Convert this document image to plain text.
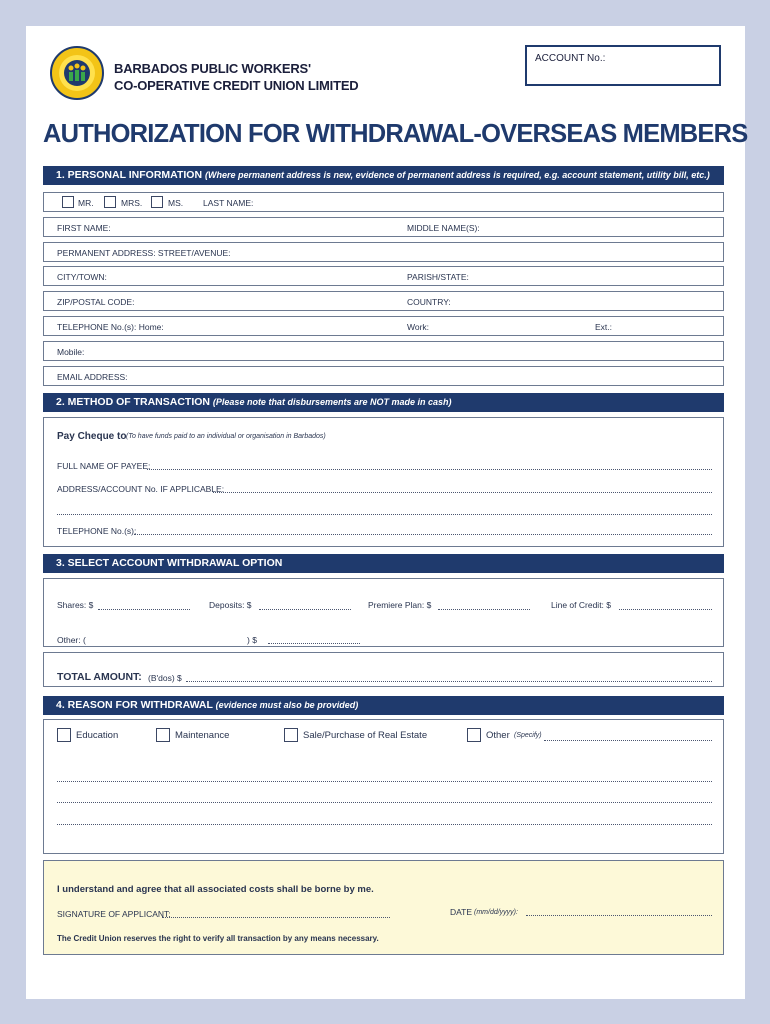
BARBADOS PUBLIC WORKERS'
CO-OPERATIVE CREDIT UNION LIMITED
ACCOUNT No.:
AUTHORIZATION FOR WITHDRAWAL-OVERSEAS MEMBERS
1. PERSONAL INFORMATION (Where permanent address is new, evidence of permanent address is required, e.g. account statement, utility bill, etc.)
MR.	MRS.	MS. LAST NAME:
FIRST NAME:	MIDDLE NAME(S):
PERMANENT ADDRESS: STREET/AVENUE:
CITY/TOWN:	PARISH/STATE:
ZIP/POSTAL CODE:	COUNTRY:
TELEPHONE No.(s): Home:	Work:	Ext.:
Mobile:
EMAIL ADDRESS:
2. METHOD OF TRANSACTION (Please note that disbursements are NOT made in cash)
Pay Cheque to (To have funds paid to an individual or organisation in Barbados)
FULL NAME OF PAYEE:
ADDRESS/ACCOUNT No. IF APPLICABLE:
TELEPHONE No.(s):
3. SELECT ACCOUNT WITHDRAWAL OPTION
Shares: $	Deposits: $	Premiere Plan: $	Line of Credit: $
Other: (	) $
TOTAL AMOUNT: (B'dos) $
4. REASON FOR WITHDRAWAL (evidence must also be provided)
Education	Maintenance	Sale/Purchase of Real Estate	Other (Specify)
I understand and agree that all associated costs shall be borne by me.
SIGNATURE OF APPLICANT:	DATE (mm/dd/yyyy):
The Credit Union reserves the right to verify all transaction by any means necessary.
